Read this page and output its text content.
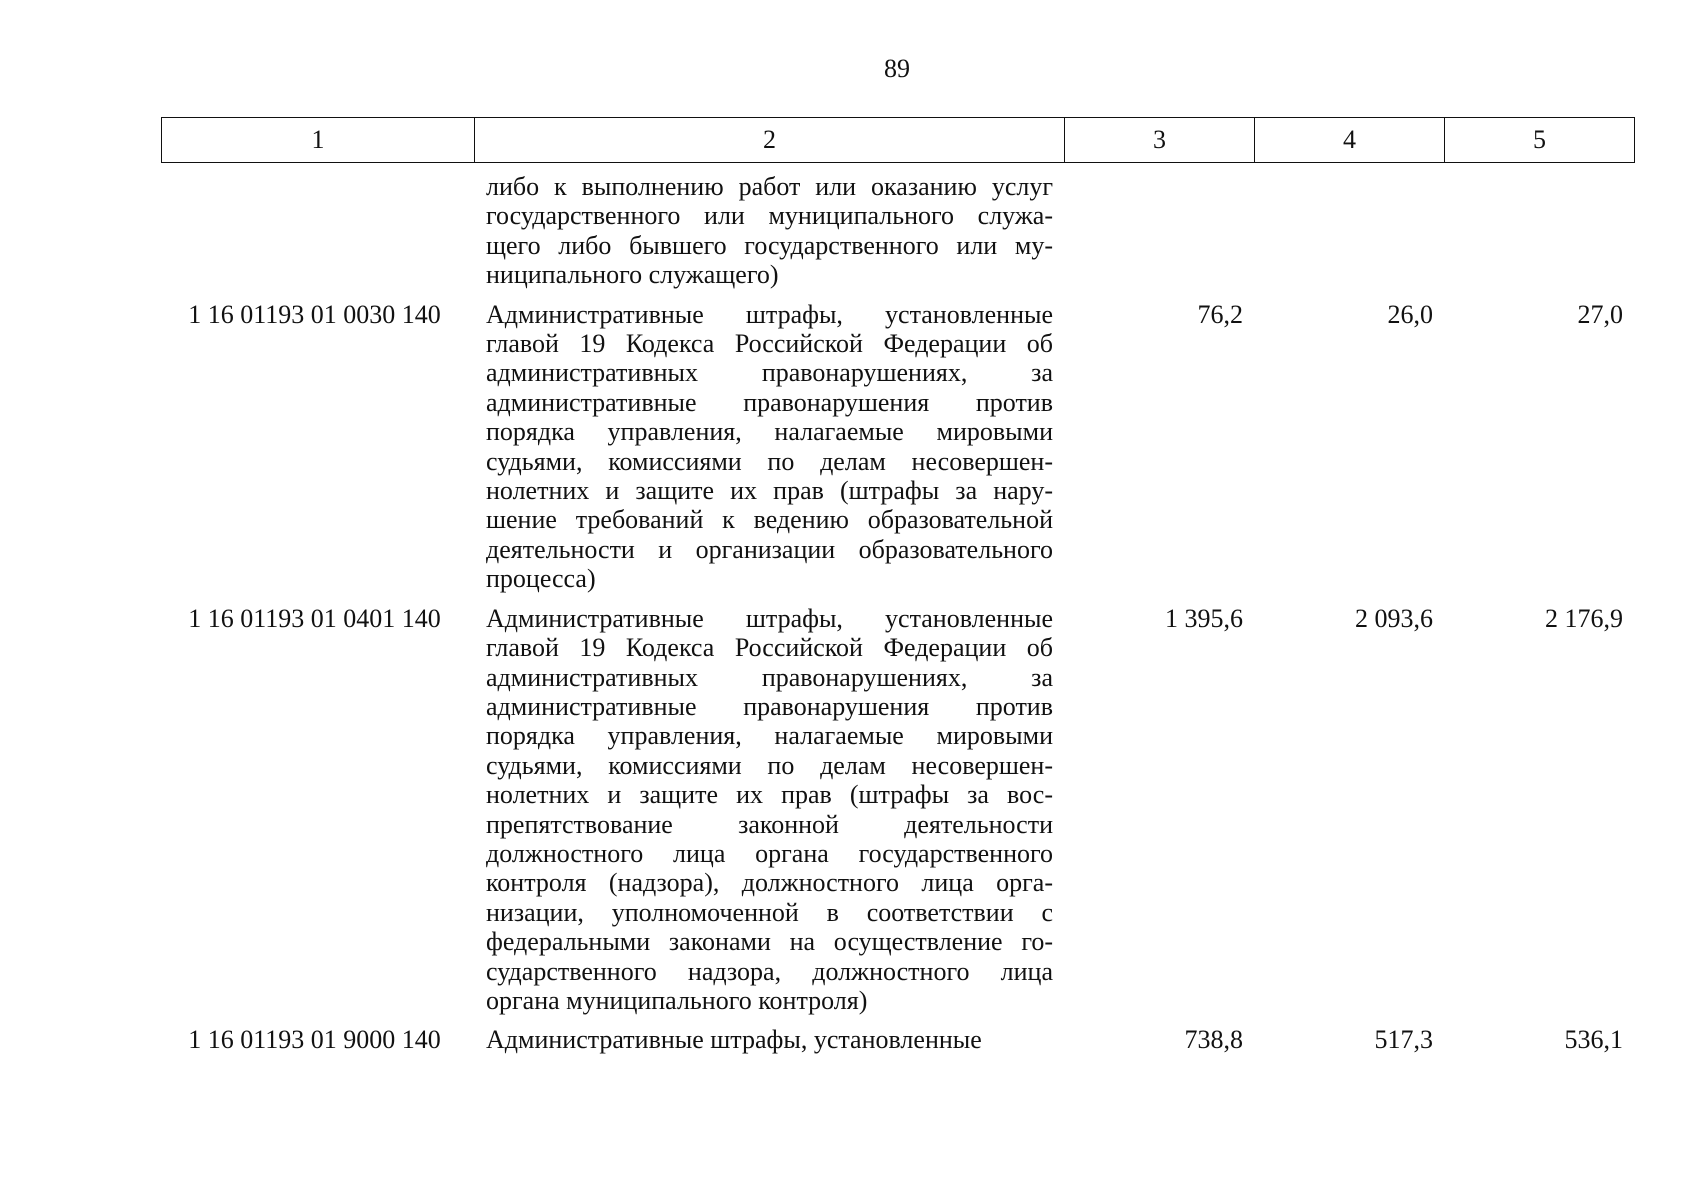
89
1	2	3	4	5
	либо к выполнению работ или оказанию услуг государственного или муниципального служа-щего либо бывшего государственного или му-ниципального служащего)			
1 16 01193 01 0030 140	Административные штрафы, установленные главой 19 Кодекса Российской Федерации об административных правонарушениях, за административные правонарушения против порядка управления, налагаемые мировыми судьями, комиссиями по делам несовершен-нолетних и защите их прав (штрафы за нару-шение требований к ведению образовательной деятельности и организации образовательного процесса)	76,2	26,0	27,0
1 16 01193 01 0401 140	Административные штрафы, установленные главой 19 Кодекса Российской Федерации об административных правонарушениях, за административные правонарушения против порядка управления, налагаемые мировыми судьями, комиссиями по делам несовершен-нолетних и защите их прав (штрафы за вос-препятствование законной деятельности должностного лица органа государственного контроля (надзора), должностного лица орга-низации, уполномоченной в соответствии с федеральными законами на осуществление го-сударственного надзора, должностного лица органа муниципального контроля)	1 395,6	2 093,6	2 176,9
1 16 01193 01 9000 140	Административные штрафы, установленные	738,8	517,3	536,1
